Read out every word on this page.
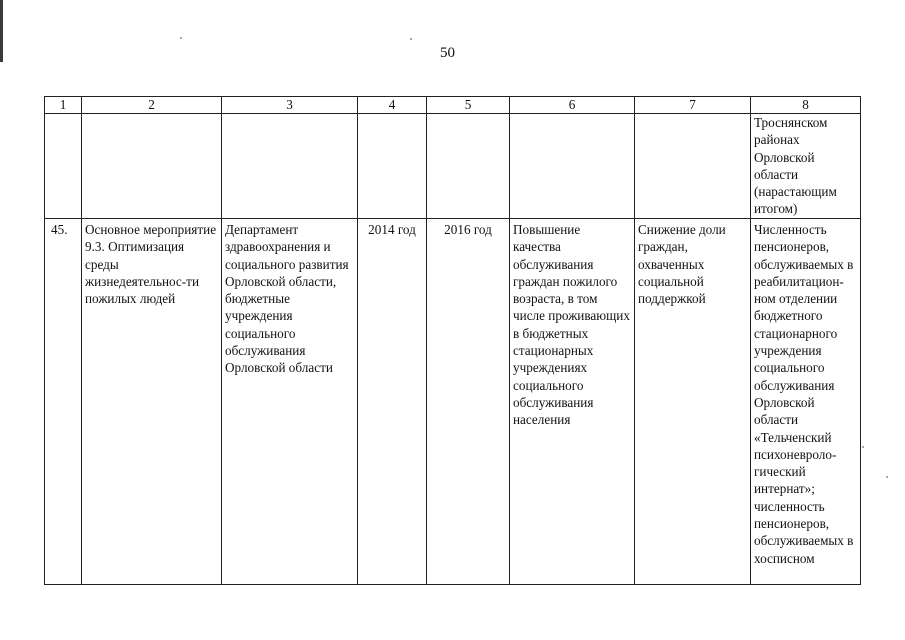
50
1	2	3	4	5	6	7	8

							Троснянском районах Орловской области (нарастающим итогом)

45.	Основное мероприятие 9.3. Оптимизация среды жизнедеятельнос-ти пожилых людей	Департамент здравоохранения и социального развития Орловской области, бюджетные учреждения социального обслуживания Орловской области	2014 год	2016 год	Повышение качества обслуживания граждан пожилого возраста, в том числе проживающих в бюджетных стационарных учреждениях социального обслуживания населения	Снижение доли граждан, охваченных социальной поддержкой	Численность пенсионеров, обслуживаемых в реабилитацион-ном отделении бюджетного стационарного учреждения социального обслуживания Орловской области «Тельченский психоневроло-гический интернат»; численность пенсионеров, обслуживаемых в хосписном
